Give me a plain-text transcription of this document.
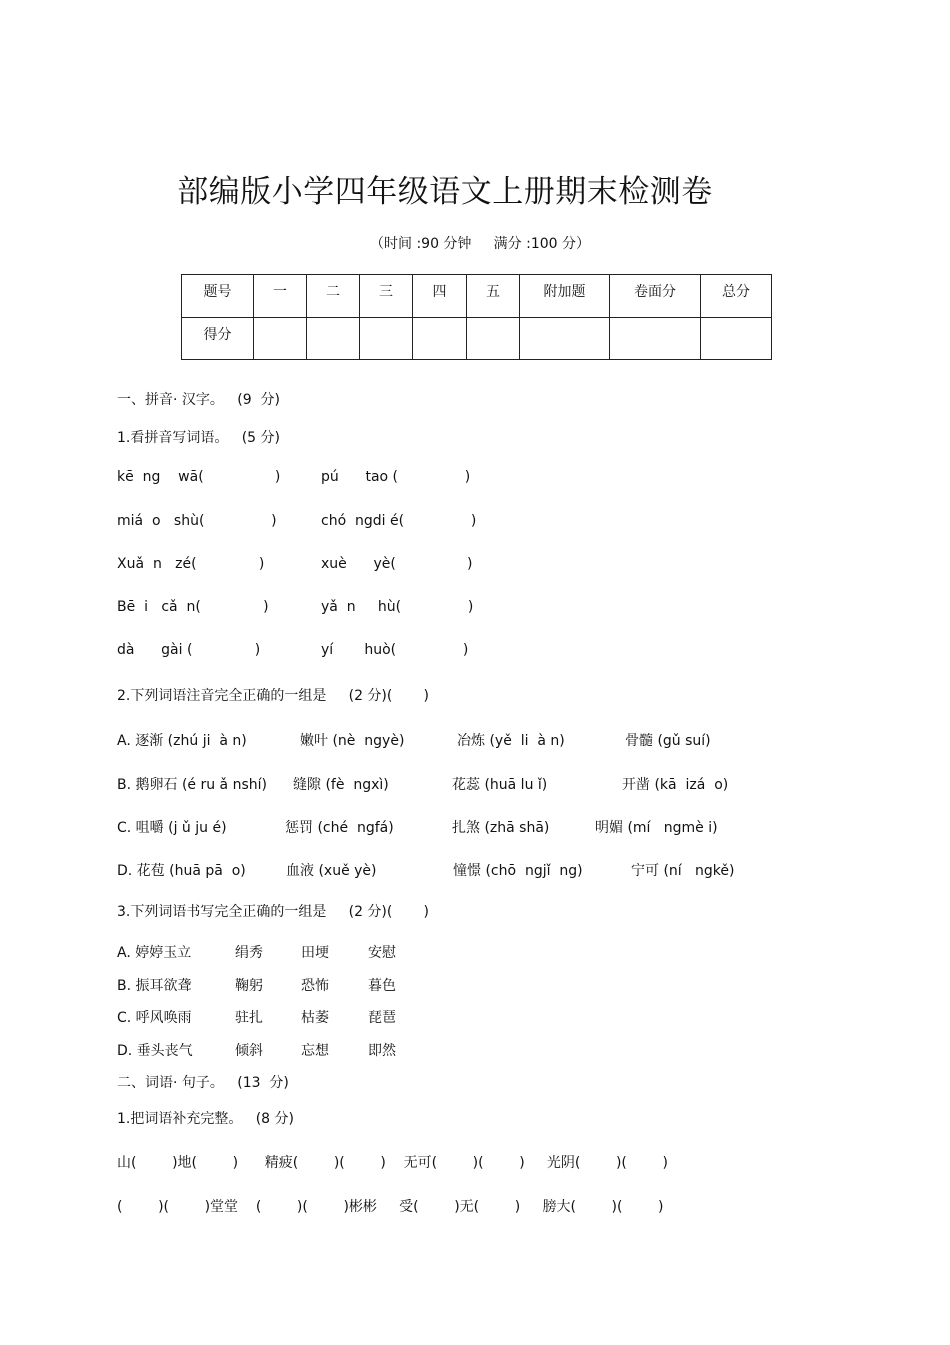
部编版小学四年级语文上册期末检测卷
（时间 :90 分钟     满分 :100 分）
题号	一	二	三	四	五	附加题	卷面分	总分
得分								
一、拼音· 汉字。   (9  分)
1.看拼音写词语。   (5 分)
kē  ng    wā(                )	pú      tao (               )
miá  o   shù(               )	chó  ngdi é(               )
Xuǎ  n   zé(              )	xuè      yè(                )
Bē  i   cǎ  n(              )	yǎ  n     hù(               )
dà      gài (              )	yí       huò(               )
2.下列词语注音完全正确的一组是     (2 分)(       )
A. 逐渐 (zhú ji  à n)	嫩叶 (nè  ngyè)	冶炼 (yě  li  à n)	骨髓 (gǔ suí)
B. 鹅卵石 (é ru ǎ nshí) 缝隙 (fè  ngxì)	花蕊 (huā lu ǐ)	开凿 (kā  izá  o)
C. 咀嚼 (j ǔ ju é)	惩罚 (ché  ngfá)	扎煞 (zhā shā)	明媚 (mí   ngmè i)
D. 花苞 (huā pā  o)	血液 (xuě yè)	憧憬 (chō  ngjǐ  ng)	宁可 (ní   ngkě)
3.下列词语书写完全正确的一组是     (2 分)(       )
A. 婷婷玉立	绢秀	田埂	安慰
B. 振耳欲聋	鞠躬	恐怖	暮色
C. 呼风唤雨	驻扎	枯萎	琵琶
D. 垂头丧气	倾斜	忘想	即然
二、词语· 句子。   (13  分)
1.把词语补充完整。   (8 分)
山(        )地(        )      精疲(        )(        )    无可(        )(        )     光阴(        )(        )
(        )(        )堂堂    (        )(        )彬彬     受(        )无(        )     膀大(        )(        )
